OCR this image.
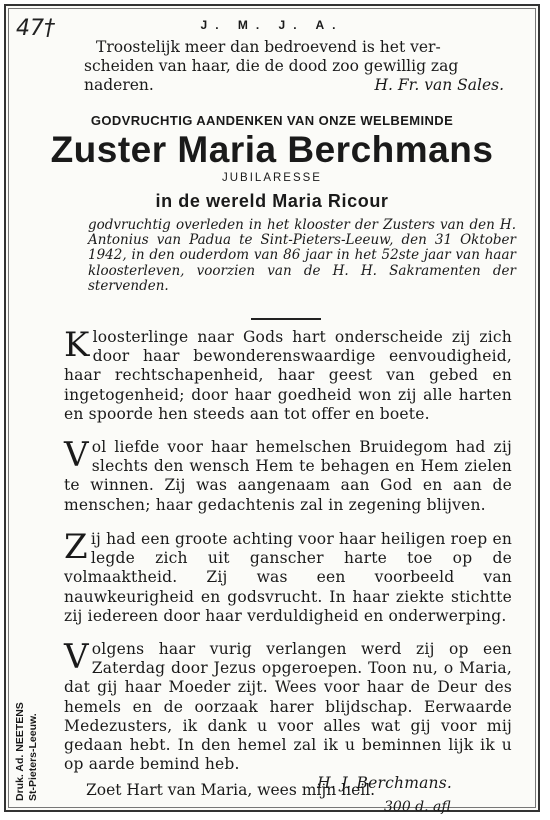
47†	J. M. J. A.
Troostelijk meer dan bedroevend is het ver-
scheiden van haar, die de dood zoo gewillig zag
naderen.	H. Fr. van Sales.
GODVRUCHTIG AANDENKEN VAN ONZE WELBEMINDE
Zuster Maria Berchmans
JUBILARESSE
in de wereld Maria Ricour
godvruchtig overleden in het klooster der Zusters van den H. Antonius van Padua te Sint-Pieters-Leeuw, den 31 Oktober 1942, in den ouderdom van 86 jaar in het 52ste jaar van haar kloosterleven, voorzien van de H. H. Sakramenten der stervenden.
Kloosterlinge naar Gods hart onderscheide zij zich door haar bewonderenswaardige eenvoudigheid, haar rechtschapenheid, haar geest van gebed en ingetogenheid; door haar goedheid won zij alle harten en spoorde hen steeds aan tot offer en boete.
Vol liefde voor haar hemelschen Bruidegom had zij slechts den wensch Hem te behagen en Hem zielen te winnen. Zij was aangenaam aan God en aan de menschen; haar gedachtenis zal in zegening blijven.
Zij had een groote achting voor haar heiligen roep en legde zich uit ganscher harte toe op de volmaaktheid. Zij was een voorbeeld van nauwkeurigheid en godsvrucht. In haar ziekte stichtte zij iedereen door haar verduldigheid en onderwerping.
Volgens haar vurig verlangen werd zij op een Zaterdag door Jezus opgeroepen. Toon nu, o Maria, dat gij haar Moeder zijt. Wees voor haar de Deur des hemels en de oorzaak harer blijdschap. Eerwaarde Medezusters, ik dank u voor alles wat gij voor mij gedaan hebt. In den hemel zal ik u beminnen lijk ik u op aarde bemind heb.
H. J. Berchmans.
Zoet Hart van Maria, wees mijn heil.
300 d. afl
Druk. Ad. NEETENS St-Pieters-Leeuw.
